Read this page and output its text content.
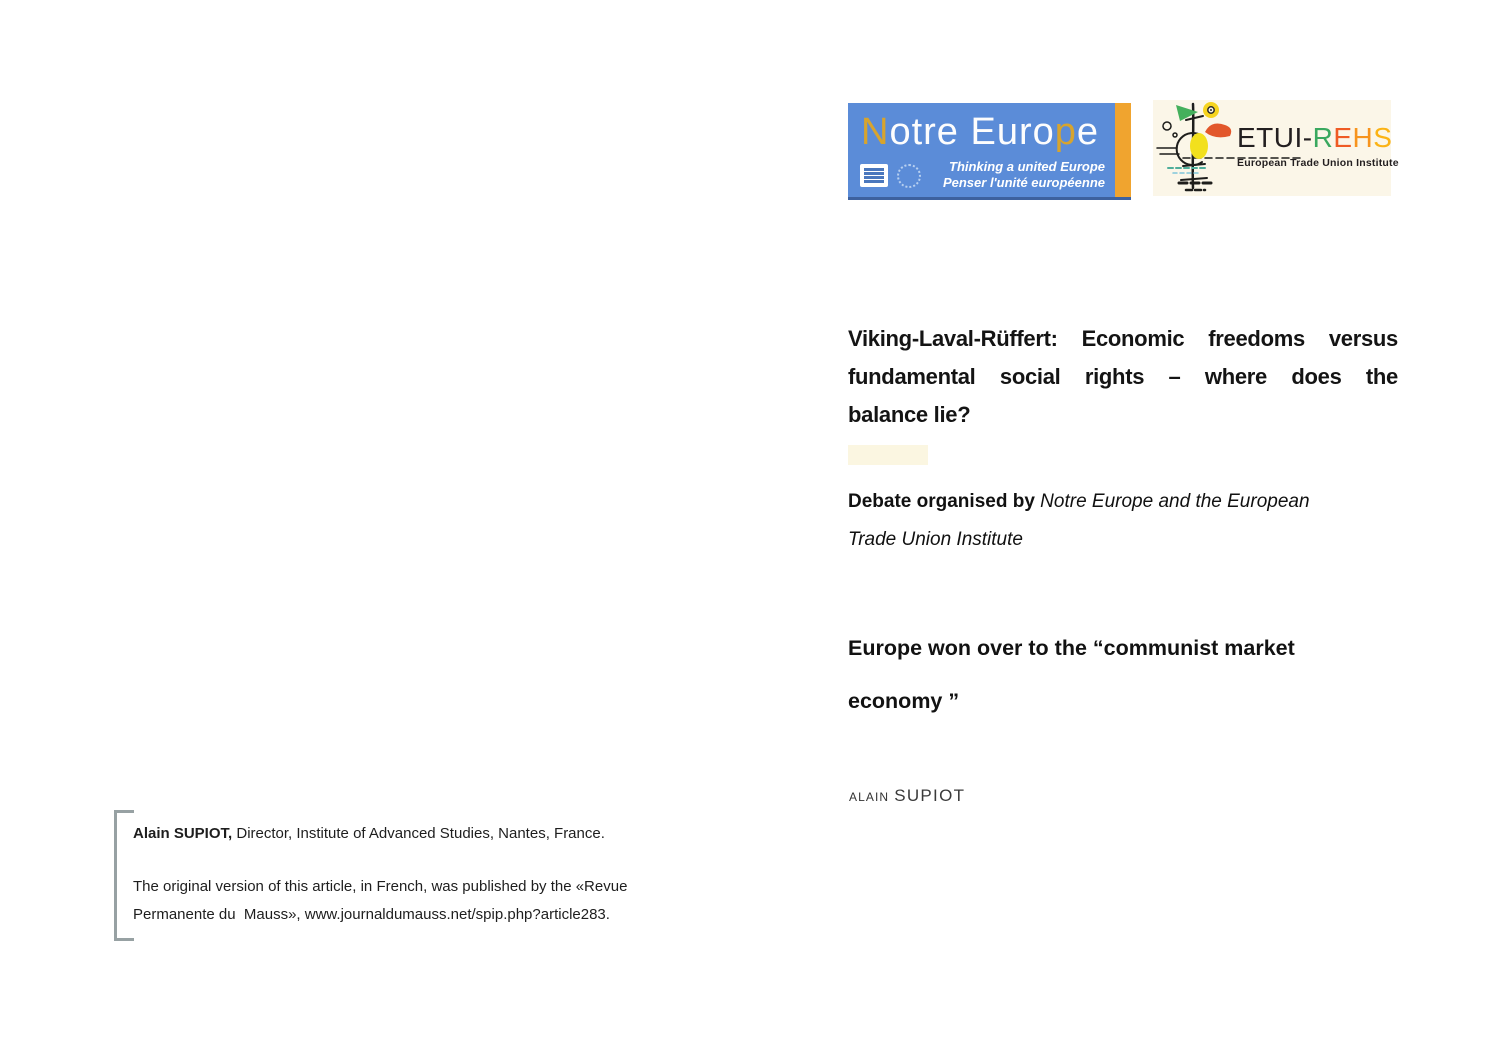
Notre Europe
Thinking a united Europe
Penser l'unité européenne
ETUI-REHS
European Trade Union Institute
Viking-Laval-Rüffert: Economic freedoms versus
fundamental social rights – where does the
balance lie?
Debate organised by Notre Europe and the European
Trade Union Institute
Europe won over to the “communist market
economy ”
ALAIN SUPIOT
Alain SUPIOT, Director, Institute of Advanced Studies, Nantes, France.
The original version of this article, in French, was published by the «Revue
Permanente du  Mauss», www.journaldumauss.net/spip.php?article283.
